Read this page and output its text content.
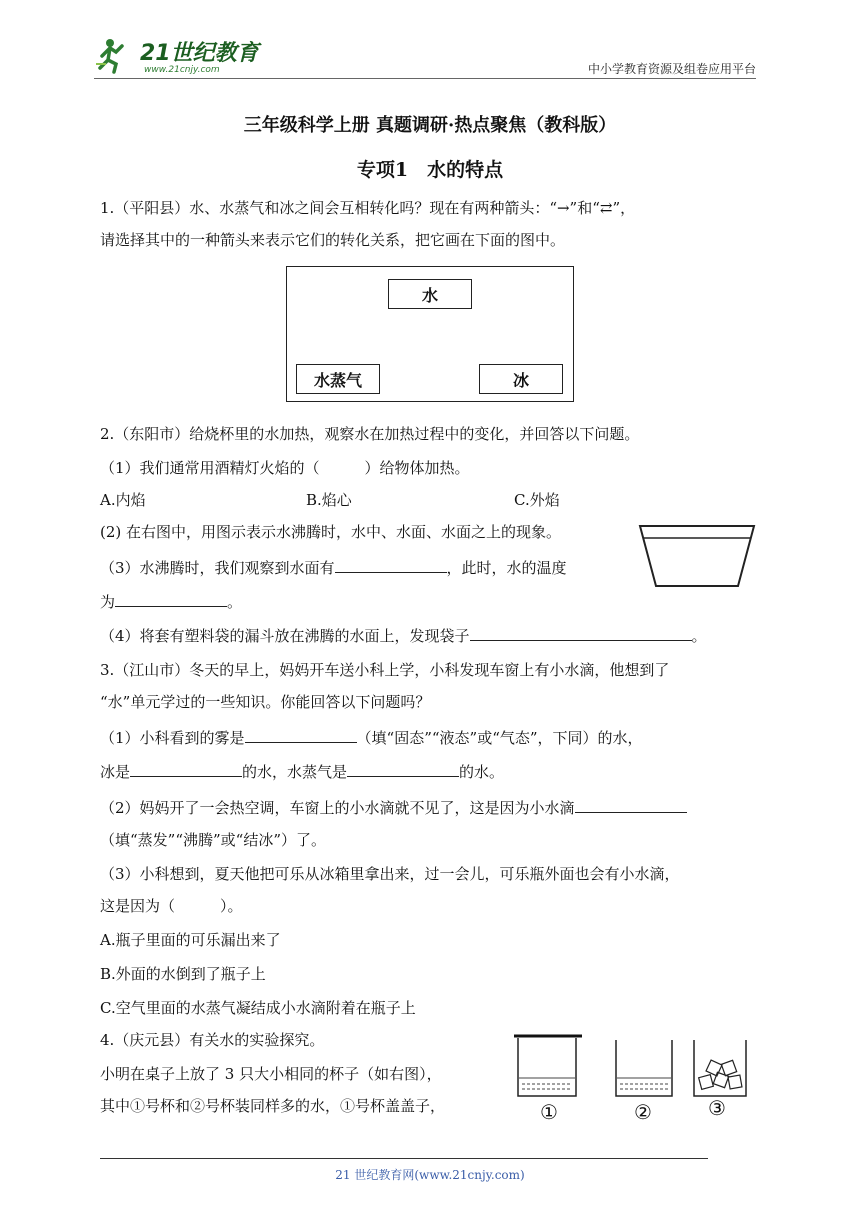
21世纪教育
www.21cnjy.com	中小学教育资源及组卷应用平台
三年级科学上册 真题调研·热点聚焦（教科版）
专项1　水的特点
1.（平阳县）水、水蒸气和冰之间会互相转化吗？现在有两种箭头：“→”和“⇄”，
请选择其中的一种箭头来表示它们的转化关系，把它画在下面的图中。
水
水蒸气	冰
2.（东阳市）给烧杯里的水加热，观察水在加热过程中的变化，并回答以下问题。
（1）我们通常用酒精灯火焰的（　　　）给物体加热。
A.内焰	B.焰心	C.外焰
(2) 在右图中，用图示表示水沸腾时，水中、水面、水面之上的现象。
（3）水沸腾时，我们观察到水面有	，此时，水的温度
为	。
（4）将套有塑料袋的漏斗放在沸腾的水面上，发现袋子	。
3.（江山市）冬天的早上，妈妈开车送小科上学，小科发现车窗上有小水滴，他想到了
“水”单元学过的一些知识。你能回答以下问题吗？
（1）小科看到的雾是	（填“固态”“液态”或“气态”，下同）的水，
冰是	的水，水蒸气是	的水。
（2）妈妈开了一会热空调，车窗上的小水滴就不见了，这是因为小水滴
（填“蒸发”“沸腾”或“结冰”）了。
（3）小科想到，夏天他把可乐从冰箱里拿出来，过一会儿，可乐瓶外面也会有小水滴，
这是因为（　　　）。
A.瓶子里面的可乐漏出来了
B.外面的水倒到了瓶子上
C.空气里面的水蒸气凝结成小水滴附着在瓶子上
4.（庆元县）有关水的实验探究。
小明在桌子上放了 3 只大小相同的杯子（如右图），
其中①号杯和②号杯装同样多的水，①号杯盖盖子，	①	②	③
21 世纪教育网(www.21cnjy.com)
